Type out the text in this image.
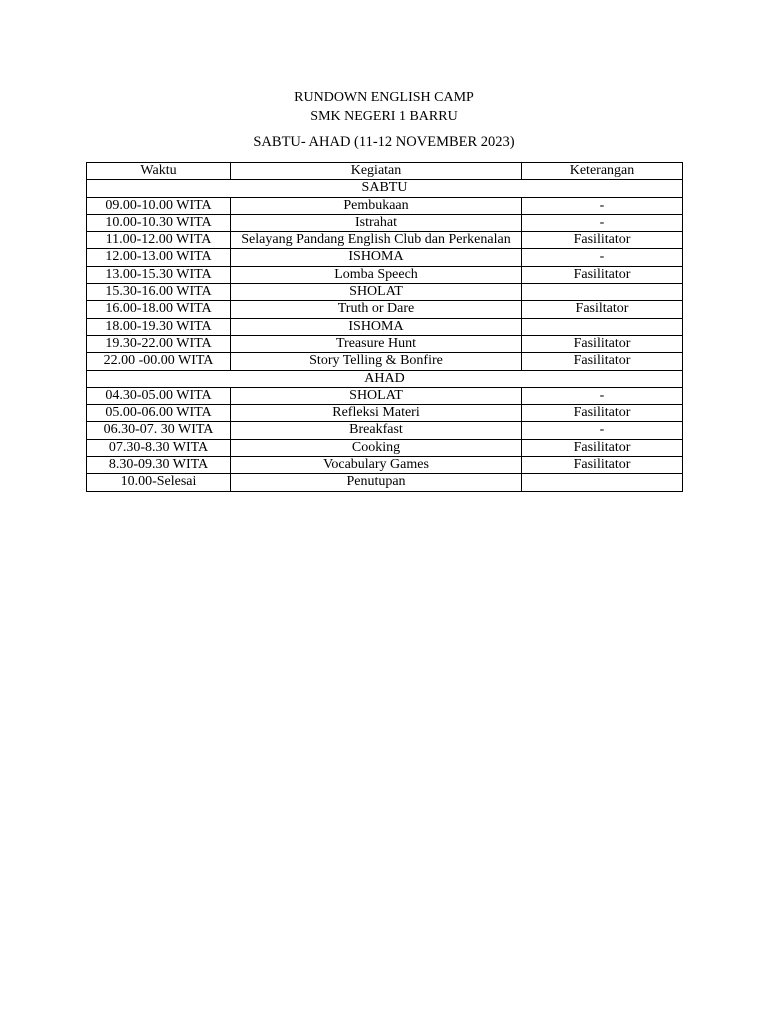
RUNDOWN ENGLISH CAMP
SMK NEGERI 1 BARRU
SABTU- AHAD (11-12 NOVEMBER 2023)
Waktu	Kegiatan	Keterangan
SABTU		
09.00-10.00 WITA	Pembukaan	-
10.00-10.30 WITA	Istrahat	-
11.00-12.00 WITA	Selayang Pandang English Club dan Perkenalan	Fasilitator
12.00-13.00 WITA	ISHOMA	-
13.00-15.30 WITA	Lomba Speech	Fasilitator
15.30-16.00 WITA	SHOLAT	
16.00-18.00 WITA	Truth or Dare	Fasiltator
18.00-19.30 WITA	ISHOMA	
19.30-22.00 WITA	Treasure Hunt	Fasilitator
22.00 -00.00 WITA	Story Telling & Bonfire	Fasilitator
AHAD		
04.30-05.00 WITA	SHOLAT	-
05.00-06.00 WITA	Refleksi Materi	Fasilitator
06.30-07. 30 WITA	Breakfast	-
07.30-8.30 WITA	Cooking	Fasilitator
8.30-09.30 WITA	Vocabulary Games	Fasilitator
10.00-Selesai	Penutupan	
